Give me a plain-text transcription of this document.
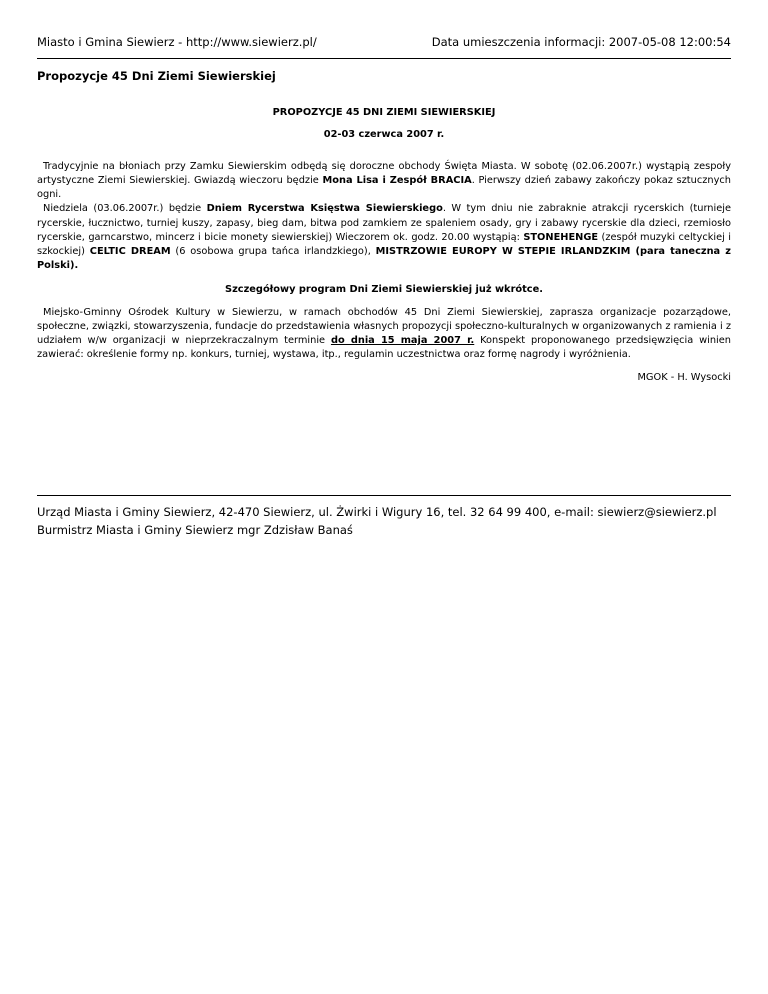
Miasto i Gmina Siewierz - http://www.siewierz.pl/	Data umieszczenia informacji: 2007-05-08 12:00:54
Propozycje 45 Dni Ziemi Siewierskiej
PROPOZYCJE 45 DNI ZIEMI SIEWIERSKIEJ
02-03 czerwca 2007 r.

Tradycyjnie na błoniach przy Zamku Siewierskim odbędą się doroczne obchody Święta Miasta. W sobotę (02.06.2007r.) wystąpią zespoły artystyczne Ziemi Siewierskiej. Gwiazdą wieczoru będzie Mona Lisa i Zespół BRACIA. Pierwszy dzień zabawy zakończy pokaz sztucznych ogni.

Niedziela (03.06.2007r.) będzie Dniem Rycerstwa Księstwa Siewierskiego. W tym dniu nie zabraknie atrakcji rycerskich (turnieje rycerskie, łucznictwo, turniej kuszy, zapasy, bieg dam, bitwa pod zamkiem ze spaleniem osady, gry i zabawy rycerskie dla dzieci, rzemiosło rycerskie, garncarstwo, mincerz i bicie monety siewierskiej) Wieczorem ok. godz. 20.00 wystąpią: STONEHENGE (zespół muzyki celtyckiej i szkockiej) CELTIC DREAM (6 osobowa grupa tańca irlandzkiego), MISTRZOWIE EUROPY W STEPIE IRLANDZKIM (para taneczna z Polski).

Szczegółowy program Dni Ziemi Siewierskiej już wkrótce.

Miejsko-Gminny Ośrodek Kultury w Siewierzu, w ramach obchodów 45 Dni Ziemi Siewierskiej, zaprasza organizacje pozarządowe, społeczne, związki, stowarzyszenia, fundacje do przedstawienia własnych propozycji społeczno-kulturalnych w organizowanych z ramienia i z udziałem w/w organizacji w nieprzekraczalnym terminie do dnia 15 maja 2007 r. Konspekt proponowanego przedsięwzięcia winien zawierać: określenie formy np. konkurs, turniej, wystawa, itp., regulamin uczestnictwa oraz formę nagrody i wyróżnienia.

MGOK - H. Wysocki
Urząd Miasta i Gminy Siewierz, 42-470 Siewierz, ul. Żwirki i Wigury 16, tel. 32 64 99 400, e-mail: siewierz@siewierz.pl
Burmistrz Miasta i Gminy Siewierz mgr Zdzisław Banaś
